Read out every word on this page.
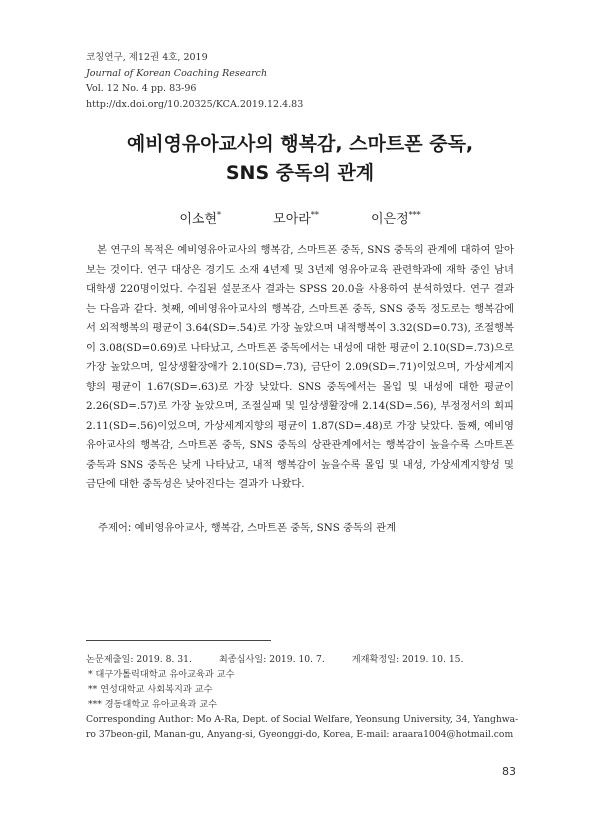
코칭연구, 제12권 4호, 2019
Journal of Korean Coaching Research
Vol. 12 No. 4 pp. 83-96
http://dx.doi.org/10.20325/KCA.2019.12.4.83
예비영유아교사의 행복감, 스마트폰 중독,
SNS 중독의 관계
이소현*	모아라**	이은정***

본 연구의 목적은 예비영유아교사의 행복감, 스마트폰 중독, SNS 중독의 관계에 대하여 알아보는 것이다. 연구 대상은 경기도 소재 4년제 및 3년제 영유아교육 관련학과에 재학 중인 남녀 대학생 220명이었다. 수집된 설문조사 결과는 SPSS 20.0을 사용하여 분석하였다. 연구 결과는 다음과 같다. 첫째, 예비영유아교사의 행복감, 스마트폰 중독, SNS 중독 정도로는 행복감에서 외적행복의 평균이 3.64(SD=.54)로 가장 높았으며 내적행복이 3.32(SD=0.73), 조절행복이 3.08(SD=0.69)로 나타났고, 스마트폰 중독에서는 내성에 대한 평균이 2.10(SD=.73)으로 가장 높았으며, 일상생활장애가 2.10(SD=.73), 금단이 2.09(SD=.71)이었으며, 가상세계지향의 평균이 1.67(SD=.63)로 가장 낮았다. SNS 중독에서는 몰입 및 내성에 대한 평균이 2.26(SD=.57)로 가장 높았으며, 조절실패 및 일상생활장애 2.14(SD=.56), 부정정서의 회피 2.11(SD=.56)이었으며, 가상세계지향의 평균이 1.87(SD=.48)로 가장 낮았다. 둘째, 예비영유아교사의 행복감, 스마트폰 중독, SNS 중독의 상관관계에서는 행복감이 높을수록 스마트폰 중독과 SNS 중독은 낮게 나타났고, 내적 행복감이 높을수록 몰입 및 내성, 가상세계지향성 및 금단에 대한 중독성은 낮아진다는 결과가 나왔다.

주제어: 예비영유아교사, 행복감, 스마트폰 중독, SNS 중독의 관계
논문제출일: 2019. 8. 31.	최종심사일: 2019. 10. 7.	게재확정일: 2019. 10. 15.
* 대구가톨릭대학교 유아교육과 교수
** 연성대학교 사회복지과 교수
*** 경동대학교 유아교육과 교수
Corresponding Author: Mo A-Ra, Dept. of Social Welfare, Yeonsung University, 34, Yanghwa-ro 37beon-gil, Manan-gu, Anyang-si, Gyeonggi-do, Korea, E-mail: araara1004@hotmail.com
83
